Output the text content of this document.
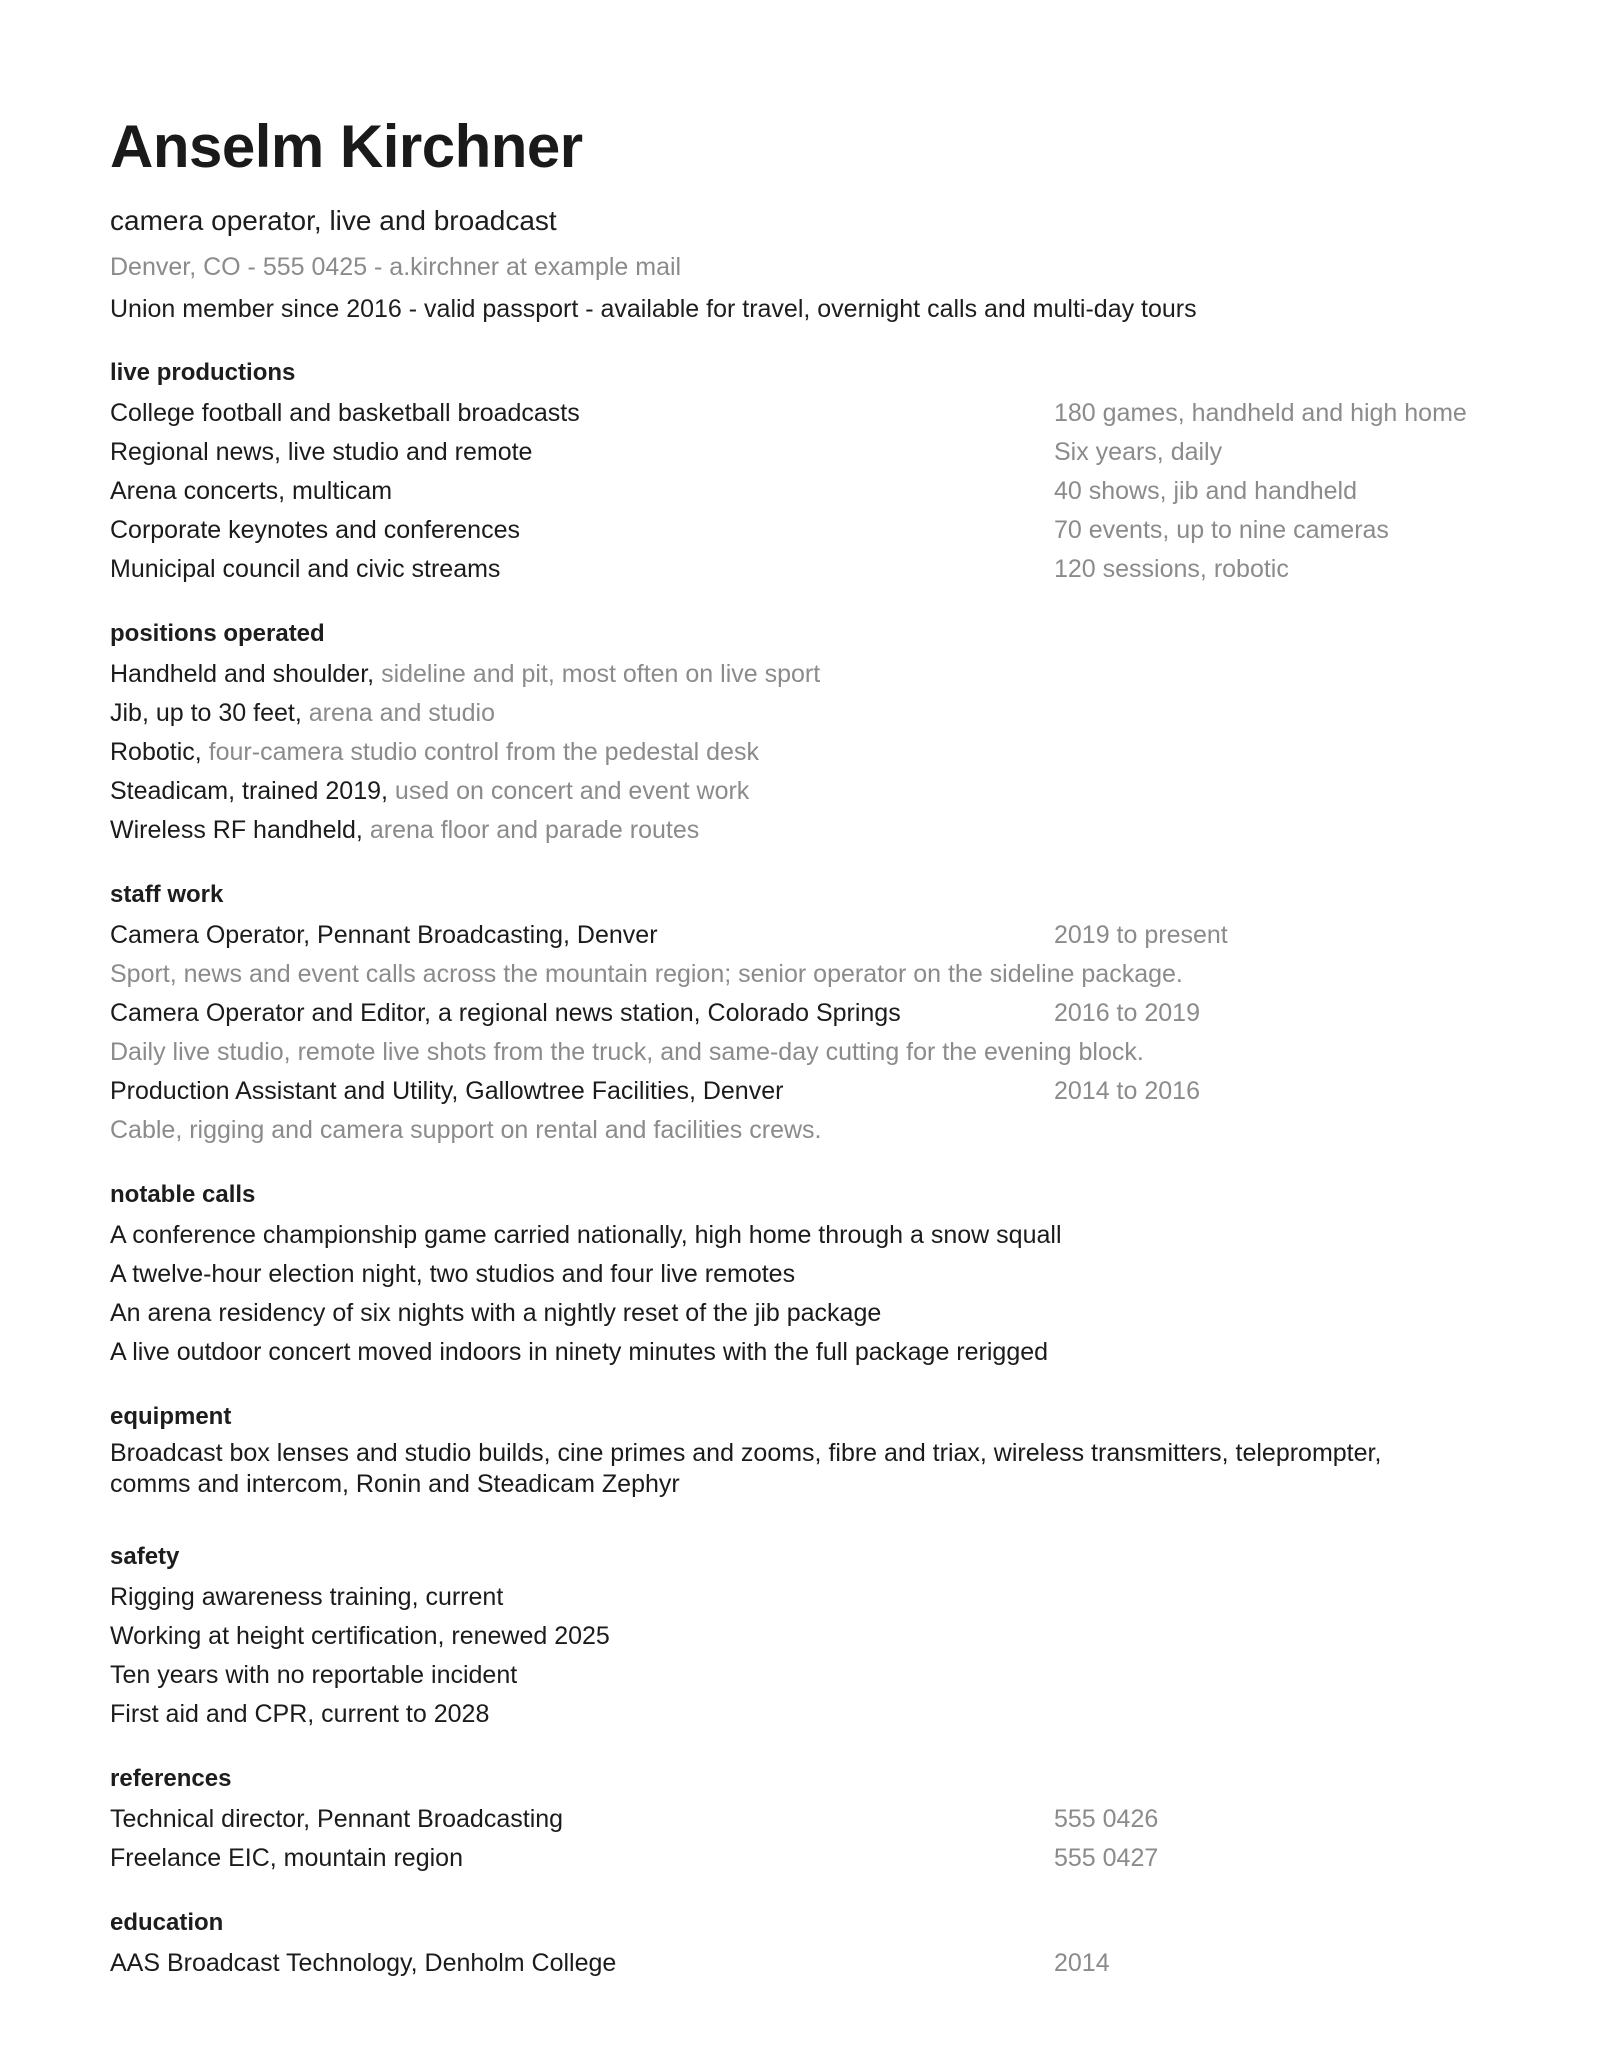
Anselm Kirchner
camera operator, live and broadcast
Denver, CO - 555 0425 - a.kirchner at example mail
Union member since 2016 - valid passport - available for travel, overnight calls and multi-day tours
live productions
College football and basketball broadcasts	180 games, handheld and high home
Regional news, live studio and remote	Six years, daily
Arena concerts, multicam	40 shows, jib and handheld
Corporate keynotes and conferences	70 events, up to nine cameras
Municipal council and civic streams	120 sessions, robotic
positions operated
Handheld and shoulder, sideline and pit, most often on live sport
Jib, up to 30 feet, arena and studio
Robotic, four-camera studio control from the pedestal desk
Steadicam, trained 2019, used on concert and event work
Wireless RF handheld, arena floor and parade routes
staff work
Camera Operator, Pennant Broadcasting, Denver	2019 to present
Sport, news and event calls across the mountain region; senior operator on the sideline package.
Camera Operator and Editor, a regional news station, Colorado Springs	2016 to 2019
Daily live studio, remote live shots from the truck, and same-day cutting for the evening block.
Production Assistant and Utility, Gallowtree Facilities, Denver	2014 to 2016
Cable, rigging and camera support on rental and facilities crews.
notable calls
A conference championship game carried nationally, high home through a snow squall
A twelve-hour election night, two studios and four live remotes
An arena residency of six nights with a nightly reset of the jib package
A live outdoor concert moved indoors in ninety minutes with the full package rerigged
equipment
Broadcast box lenses and studio builds, cine primes and zooms, fibre and triax, wireless transmitters, teleprompter, comms and intercom, Ronin and Steadicam Zephyr
safety
Rigging awareness training, current
Working at height certification, renewed 2025
Ten years with no reportable incident
First aid and CPR, current to 2028
references
Technical director, Pennant Broadcasting	555 0426
Freelance EIC, mountain region	555 0427
education
AAS Broadcast Technology, Denholm College	2014
